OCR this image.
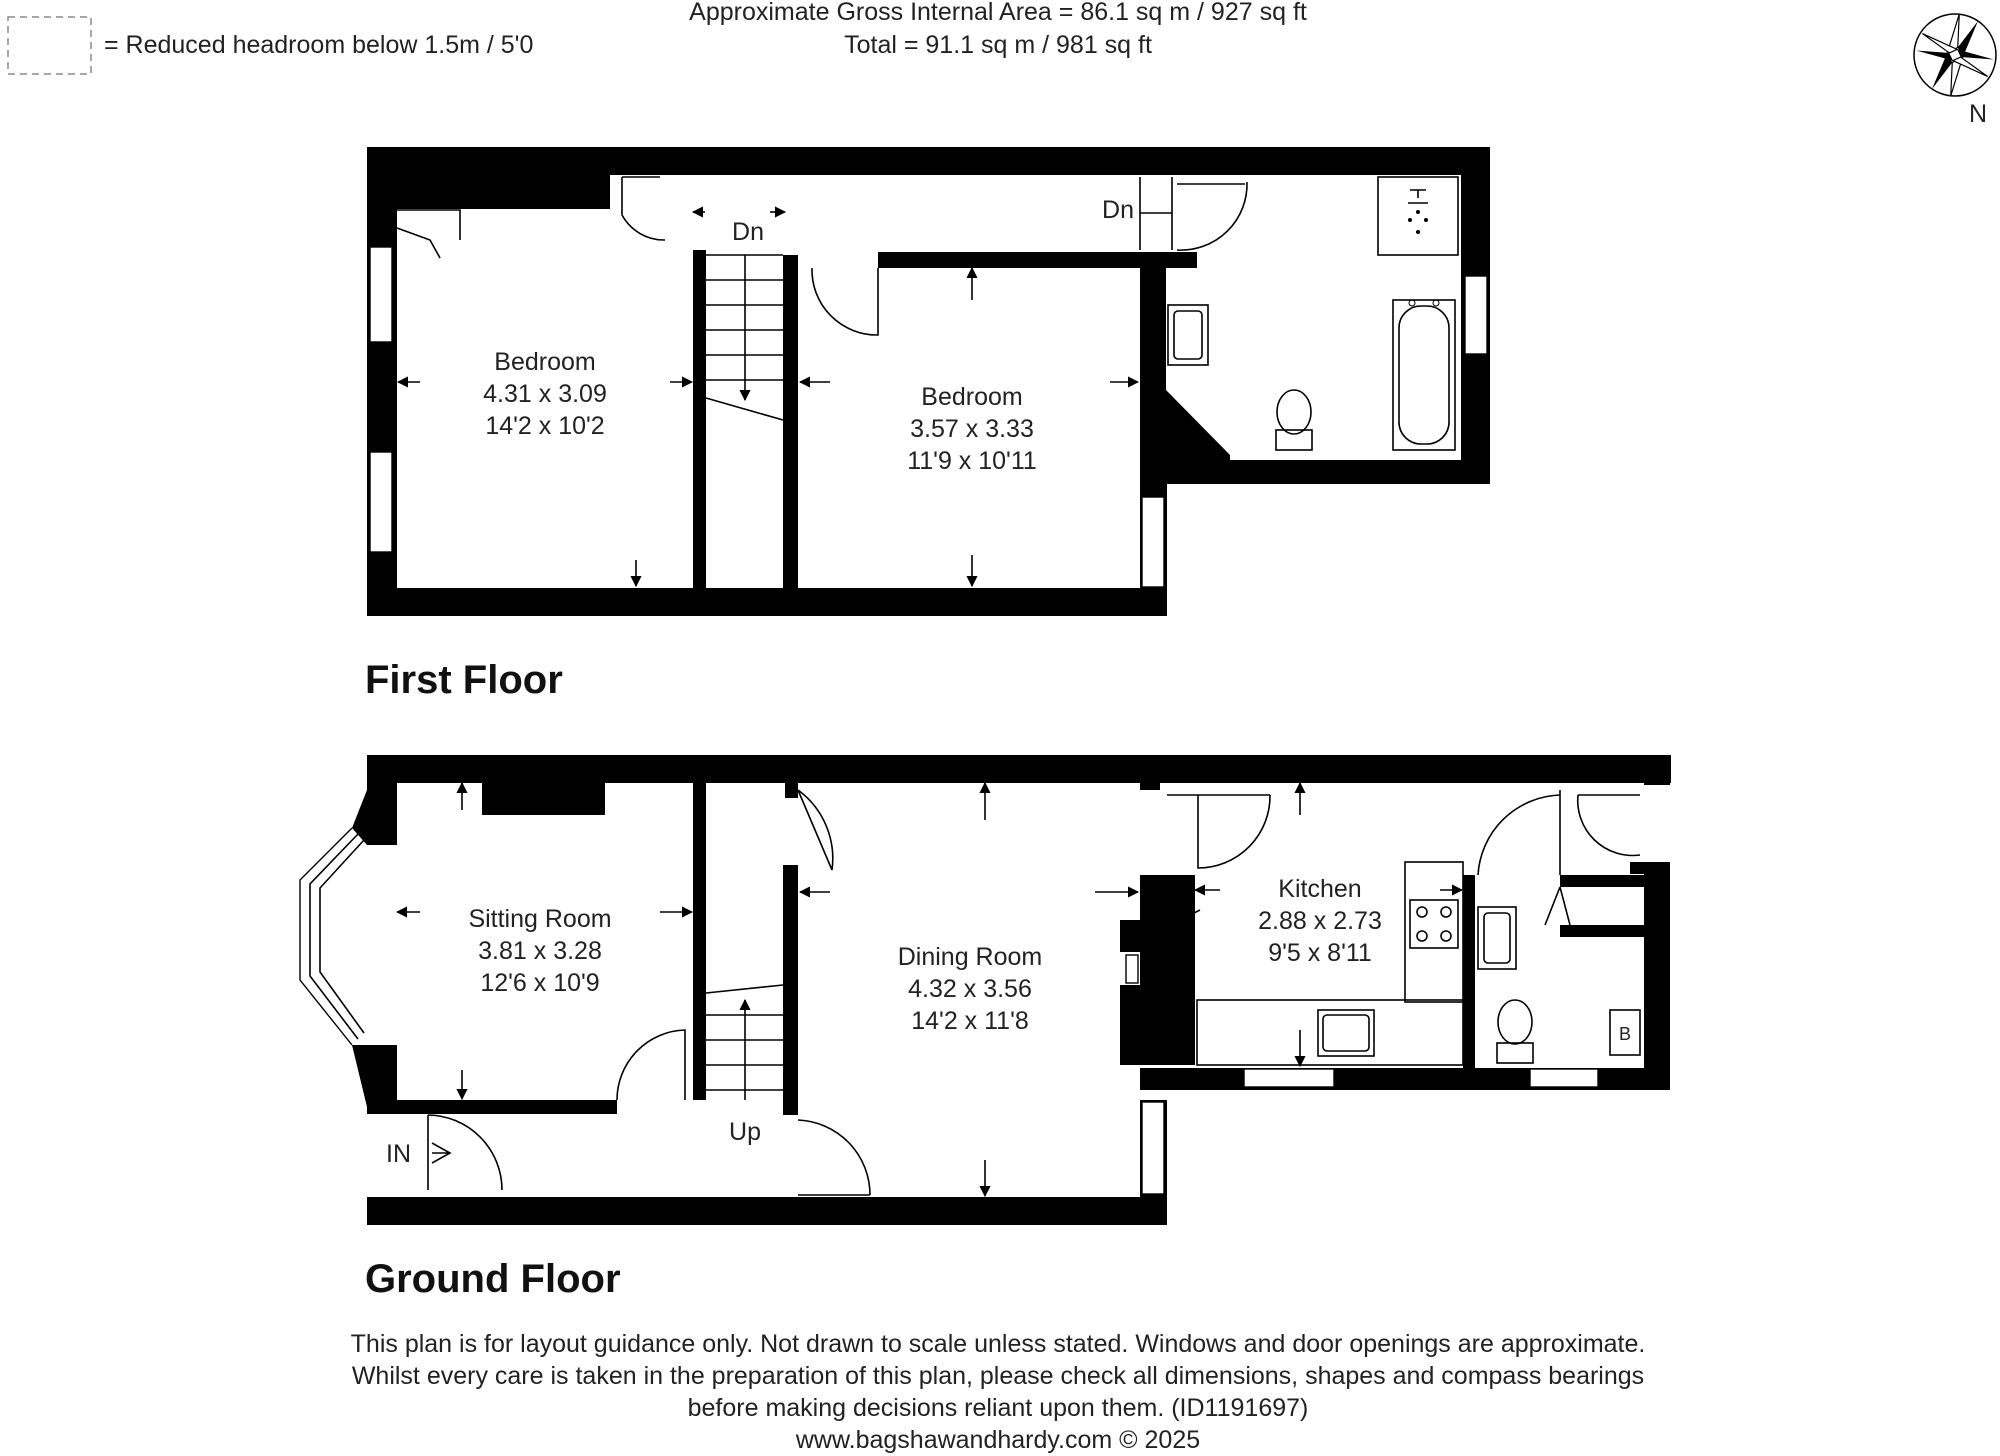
= Reduced headroom below 1.5m / 5'0
Approximate Gross Internal Area = 86.1 sq m / 927 sq ft
Total = 91.1 sq m / 981 sq ft
N
Dn
Dn
Bedroom
4.31 x 3.09
14'2 x 10'2
Bedroom
3.57 x 3.33
11'9 x 10'11
First Floor
IN
Up
B
Sitting Room
3.81 x 3.28
12'6 x 10'9
Dining Room
4.32 x 3.56
14'2 x 11'8
Kitchen
2.88 x 2.73
9'5 x 8'11
Ground Floor
This plan is for layout guidance only. Not drawn to scale unless stated. Windows and door openings are approximate.
Whilst every care is taken in the preparation of this plan, please check all dimensions, shapes and compass bearings
before making decisions reliant upon them. (ID1191697)
www.bagshawandhardy.com © 2025
